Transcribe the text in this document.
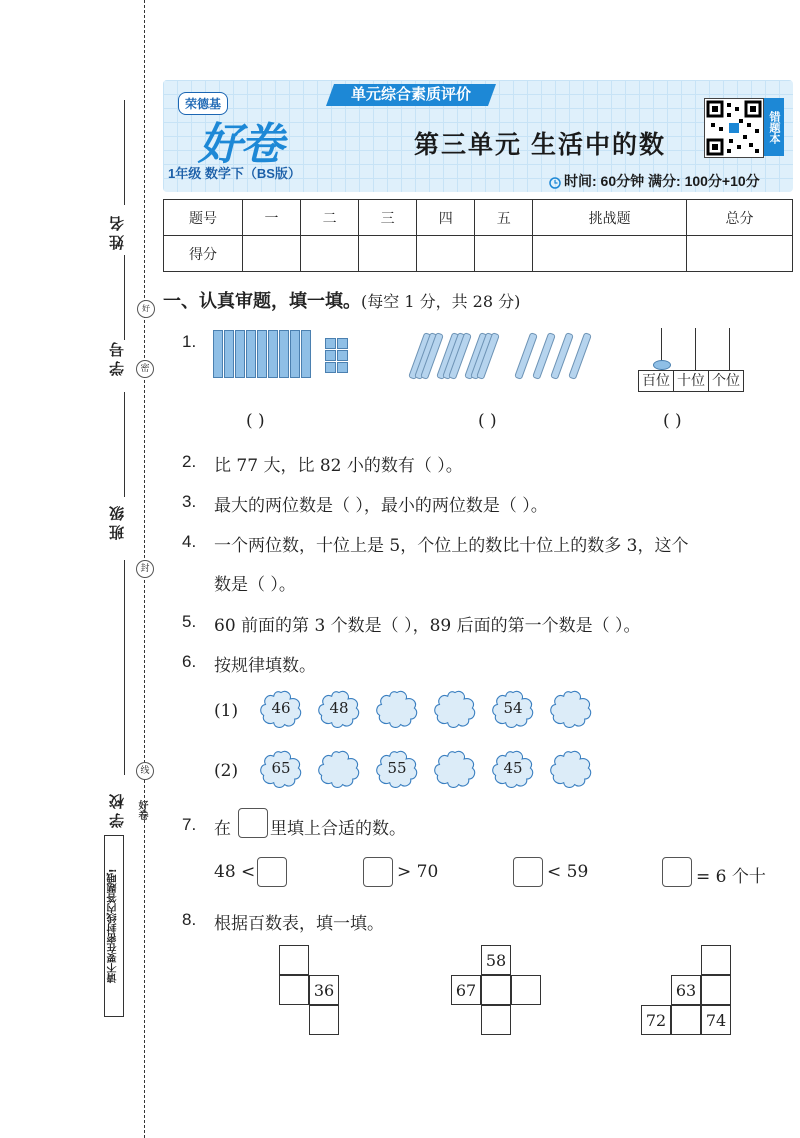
姓名
好
学号	密
班级
封
线
学校 好卷
请不要在密封线内答题哦!
荣德基
好卷
1年级 数学下（BS版）
单元综合素质评价
第三单元 生活中的数
错题本
时间: 60分钟 满分: 100分+10分
题号	一	二	三	四	五	挑战题	总分
得分							
一、认真审题，填一填。(每空 1 分，共 28 分)
1.
百位 十位 个位
( )	( )	( )
2. 比 77 大，比 82 小的数有（ ）。
3. 最大的两位数是（ ），最小的两位数是（ ）。
4. 一个两位数，十位上是 5，个位上的数比十位上的数多 3，这个
数是（ ）。
5. 60 前面的第 3 个数是（ ），89 后面的第一个数是（ ）。
6. 按规律填数。
(1)
(2)
46	48	54
65	55	45
7. 在 里填上合适的数。
48 <	> 70	< 59	= 6 个十
8. 根据百数表，填一填。
36
58
67	63
72	74
